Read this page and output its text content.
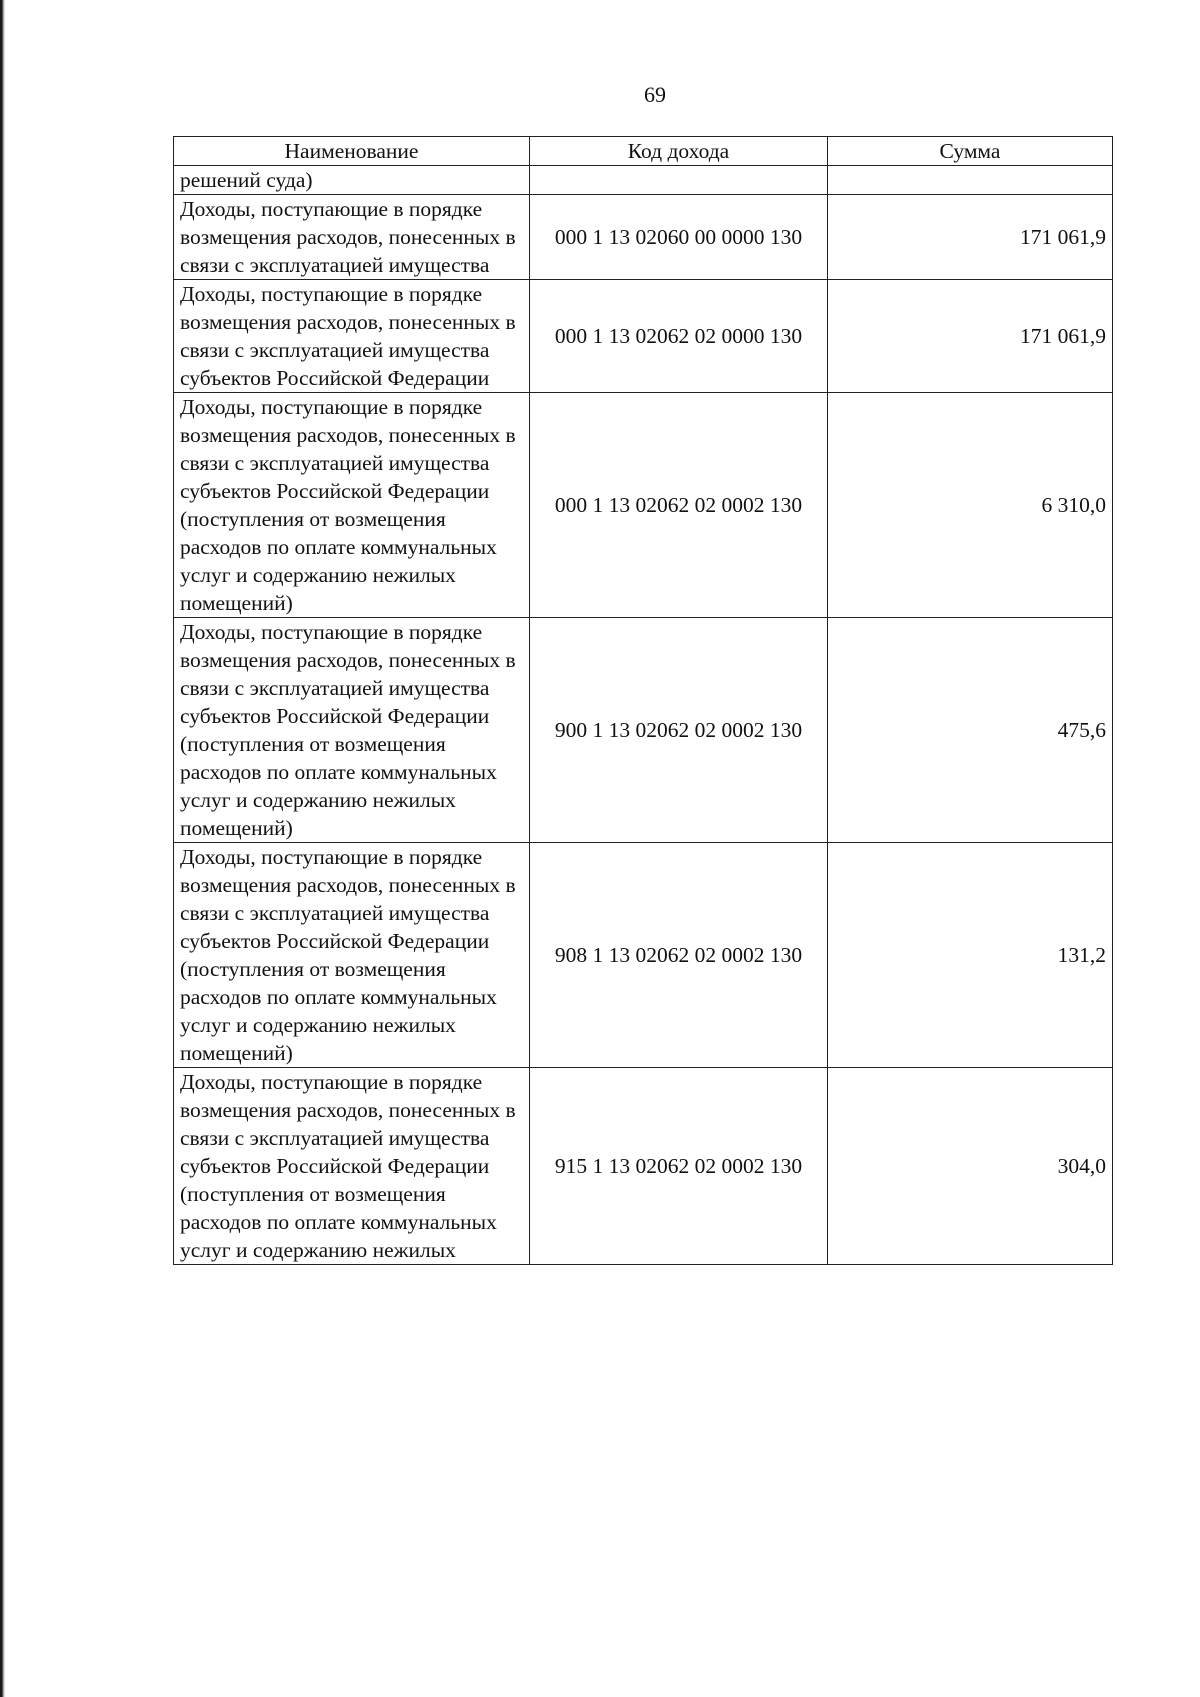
69
Наименование	Код дохода	Сумма
решений суда)		
Доходы, поступающие в порядке возмещения расходов, понесенных в связи с эксплуатацией имущества	000 1 13 02060 00 0000 130	171 061,9
Доходы, поступающие в порядке возмещения расходов, понесенных в связи с эксплуатацией имущества субъектов Российской Федерации	000 1 13 02062 02 0000 130	171 061,9
Доходы, поступающие в порядке возмещения расходов, понесенных в связи с эксплуатацией имущества субъектов Российской Федерации (поступления от возмещения расходов по оплате коммунальных услуг и содержанию нежилых помещений)	000 1 13 02062 02 0002 130	6 310,0
Доходы, поступающие в порядке возмещения расходов, понесенных в связи с эксплуатацией имущества субъектов Российской Федерации (поступления от возмещения расходов по оплате коммунальных услуг и содержанию нежилых помещений)	900 1 13 02062 02 0002 130	475,6
Доходы, поступающие в порядке возмещения расходов, понесенных в связи с эксплуатацией имущества субъектов Российской Федерации (поступления от возмещения расходов по оплате коммунальных услуг и содержанию нежилых помещений)	908 1 13 02062 02 0002 130	131,2
Доходы, поступающие в порядке возмещения расходов, понесенных в связи с эксплуатацией имущества субъектов Российской Федерации (поступления от возмещения расходов по оплате коммунальных услуг и содержанию нежилых	915 1 13 02062 02 0002 130	304,0
